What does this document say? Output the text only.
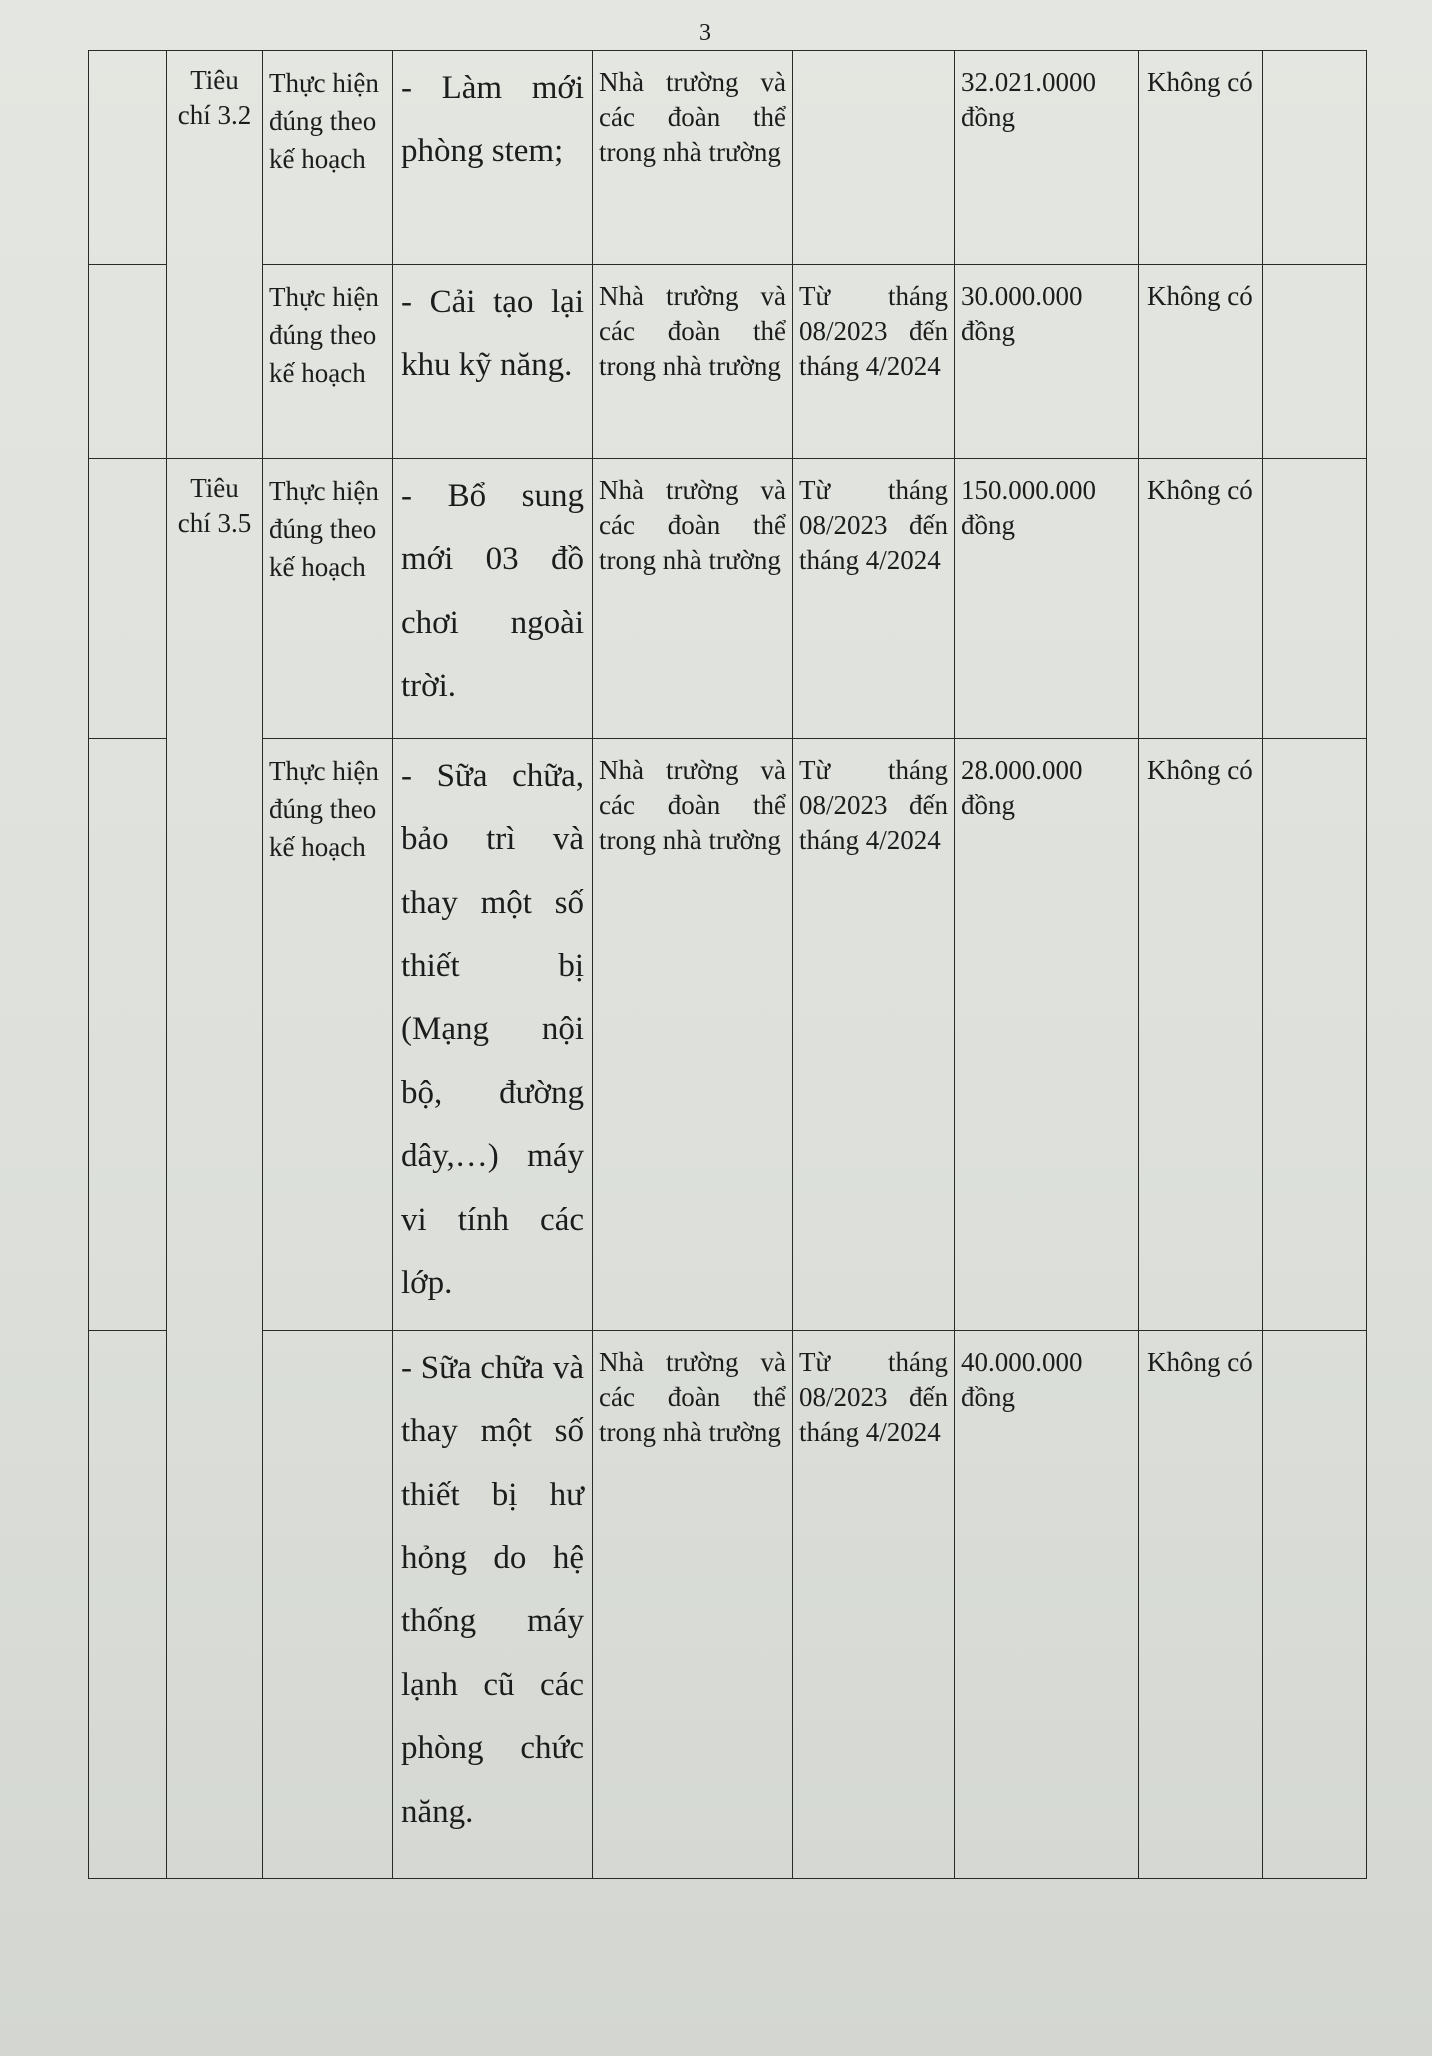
3
	Tiêu chí 3.2	Thực hiện đúng theo kế hoạch	- Làm mới phòng stem;	Nhà trường và các đoàn thể trong nhà trường		32.021.0000 đồng	Không có	
		Thực hiện đúng theo kế hoạch	- Cải tạo lại khu kỹ năng.	Nhà trường và các đoàn thể trong nhà trường	Từ tháng 08/2023 đến tháng 4/2024	30.000.000 đồng	Không có	
	Tiêu chí 3.5	Thực hiện đúng theo kế hoạch	- Bổ sung mới 03 đồ chơi ngoài trời.	Nhà trường và các đoàn thể trong nhà trường	Từ tháng 08/2023 đến tháng 4/2024	150.000.000 đồng	Không có	
		Thực hiện đúng theo kế hoạch	- Sữa chữa, bảo trì và thay một số thiết bị (Mạng nội bộ, đường dây,…) máy vi tính các lớp.	Nhà trường và các đoàn thể trong nhà trường	Từ tháng 08/2023 đến tháng 4/2024	28.000.000 đồng	Không có	
			- Sữa chữa và thay một số thiết bị hư hỏng do hệ thống máy lạnh cũ các phòng chức năng.	Nhà trường và các đoàn thể trong nhà trường	Từ tháng 08/2023 đến tháng 4/2024	40.000.000 đồng	Không có	
